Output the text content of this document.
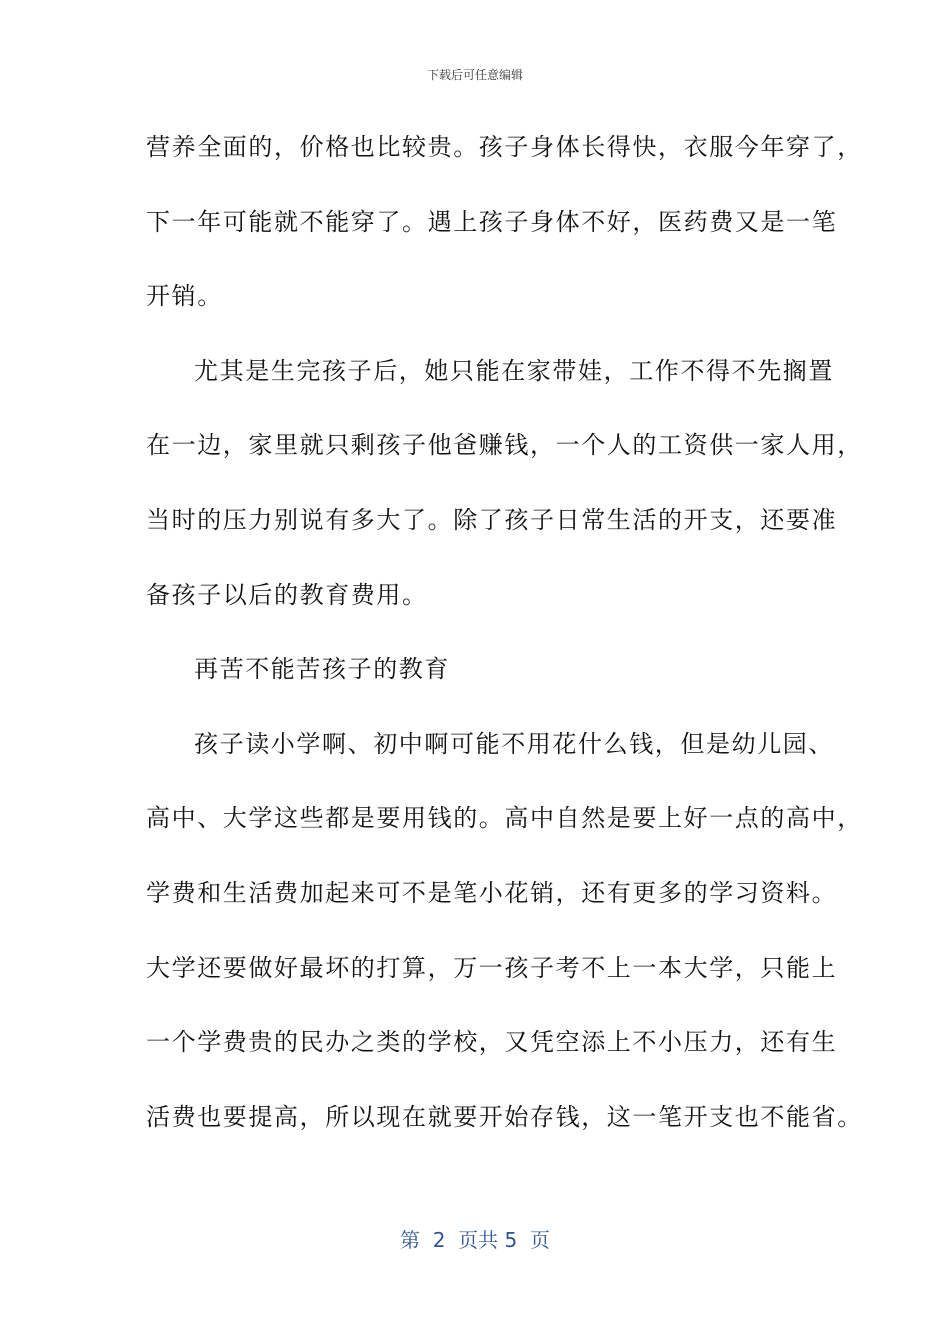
下载后可任意编辑
营养全面的，价格也比较贵。孩子身体长得快，衣服今年穿了，
下一年可能就不能穿了。遇上孩子身体不好，医药费又是一笔
开销。
尤其是生完孩子后，她只能在家带娃，工作不得不先搁置
在一边，家里就只剩孩子他爸赚钱，一个人的工资供一家人用，
当时的压力别说有多大了。除了孩子日常生活的开支，还要准
备孩子以后的教育费用。
再苦不能苦孩子的教育
孩子读小学啊、初中啊可能不用花什么钱，但是幼儿园、
高中、大学这些都是要用钱的。高中自然是要上好一点的高中，
学费和生活费加起来可不是笔小花销，还有更多的学习资料。
大学还要做好最坏的打算，万一孩子考不上一本大学，只能上
一个学费贵的民办之类的学校，又凭空添上不小压力，还有生
活费也要提高，所以现在就要开始存钱，这一笔开支也不能省。
第 2 页共 5 页
